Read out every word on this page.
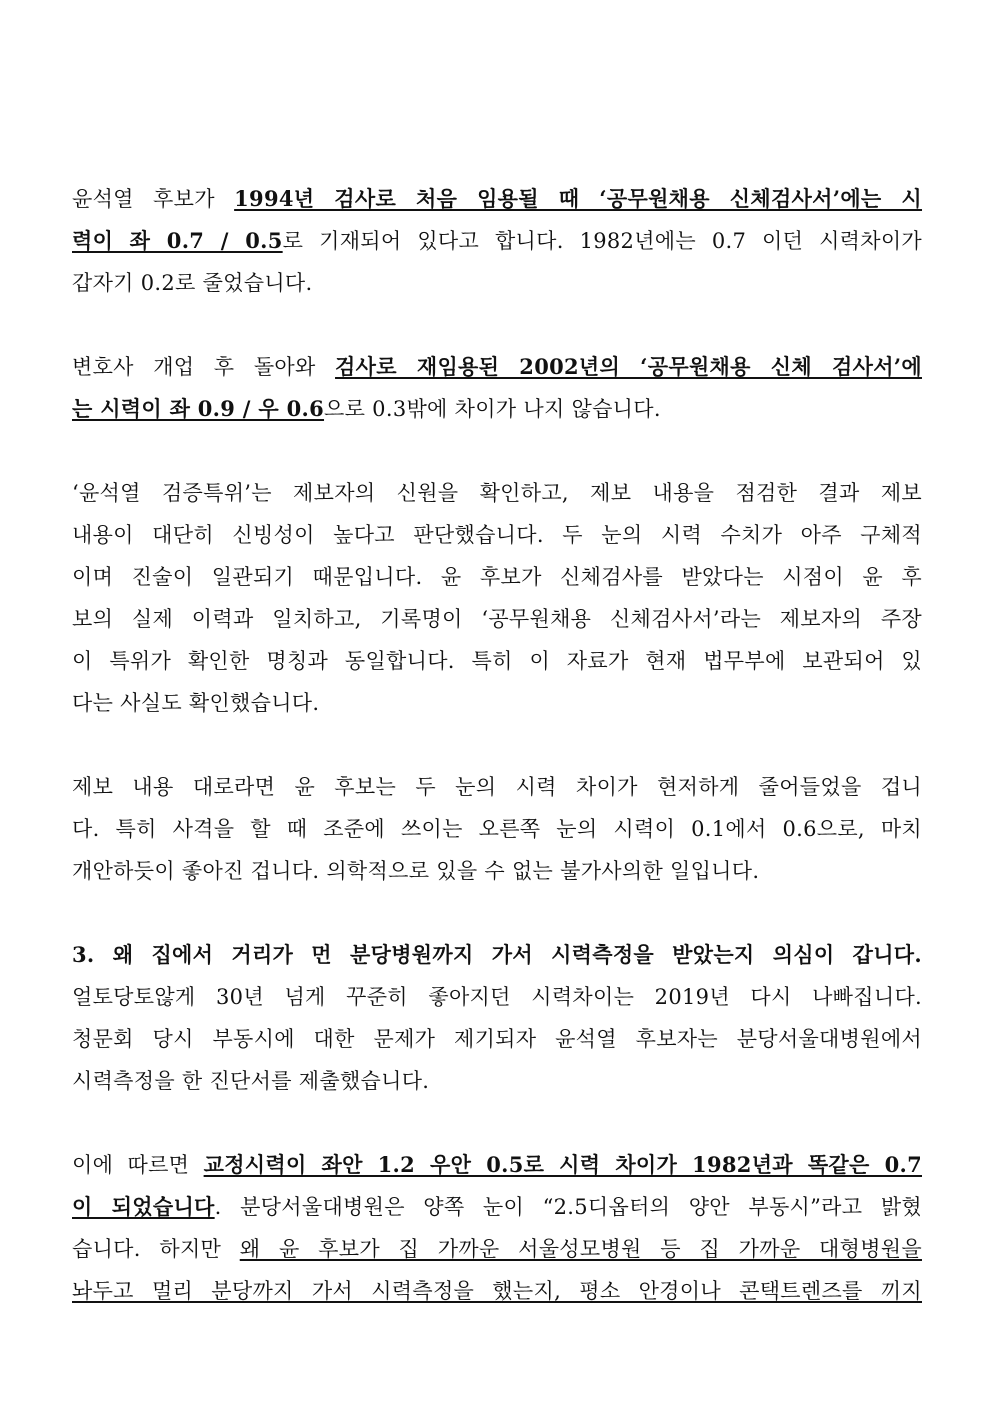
윤석열 후보가 1994년 검사로 처음 임용될 때 ‘공무원채용 신체검사서’에는 시
력이 좌 0.7 / 0.5로 기재되어 있다고 합니다. 1982년에는 0.7 이던 시력차이가
갑자기 0.2로 줄었습니다.

변호사 개업 후 돌아와 검사로 재임용된 2002년의 ‘공무원채용 신체 검사서’에
는 시력이 좌 0.9 / 우 0.6으로 0.3밖에 차이가 나지 않습니다.

‘윤석열 검증특위’는 제보자의 신원을 확인하고, 제보 내용을 점검한 결과 제보
내용이 대단히 신빙성이 높다고 판단했습니다. 두 눈의 시력 수치가 아주 구체적
이며 진술이 일관되기 때문입니다. 윤 후보가 신체검사를 받았다는 시점이 윤 후
보의 실제 이력과 일치하고, 기록명이 ‘공무원채용 신체검사서’라는 제보자의 주장
이 특위가 확인한 명칭과 동일합니다. 특히 이 자료가 현재 법무부에 보관되어 있
다는 사실도 확인했습니다.

제보 내용 대로라면 윤 후보는 두 눈의 시력 차이가 현저하게 줄어들었을 겁니
다. 특히 사격을 할 때 조준에 쓰이는 오른쪽 눈의 시력이 0.1에서 0.6으로, 마치
개안하듯이 좋아진 겁니다. 의학적으로 있을 수 없는 불가사의한 일입니다.

3. 왜 집에서 거리가 먼 분당병원까지 가서 시력측정을 받았는지 의심이 갑니다.

얼토당토않게 30년 넘게 꾸준히 좋아지던 시력차이는 2019년 다시 나빠집니다.
청문회 당시 부동시에 대한 문제가 제기되자 윤석열 후보자는 분당서울대병원에서
시력측정을 한 진단서를 제출했습니다.

이에 따르면 교정시력이 좌안 1.2 우안 0.5로 시력 차이가 1982년과 똑같은 0.7
이 되었습니다. 분당서울대병원은 양쪽 눈이 “2.5디옵터의 양안 부동시”라고 밝혔
습니다. 하지만 왜 윤 후보가 집 가까운 서울성모병원 등 집 가까운 대형병원을
놔두고 멀리 분당까지 가서 시력측정을 했는지, 평소 안경이나 콘택트렌즈를 끼지
